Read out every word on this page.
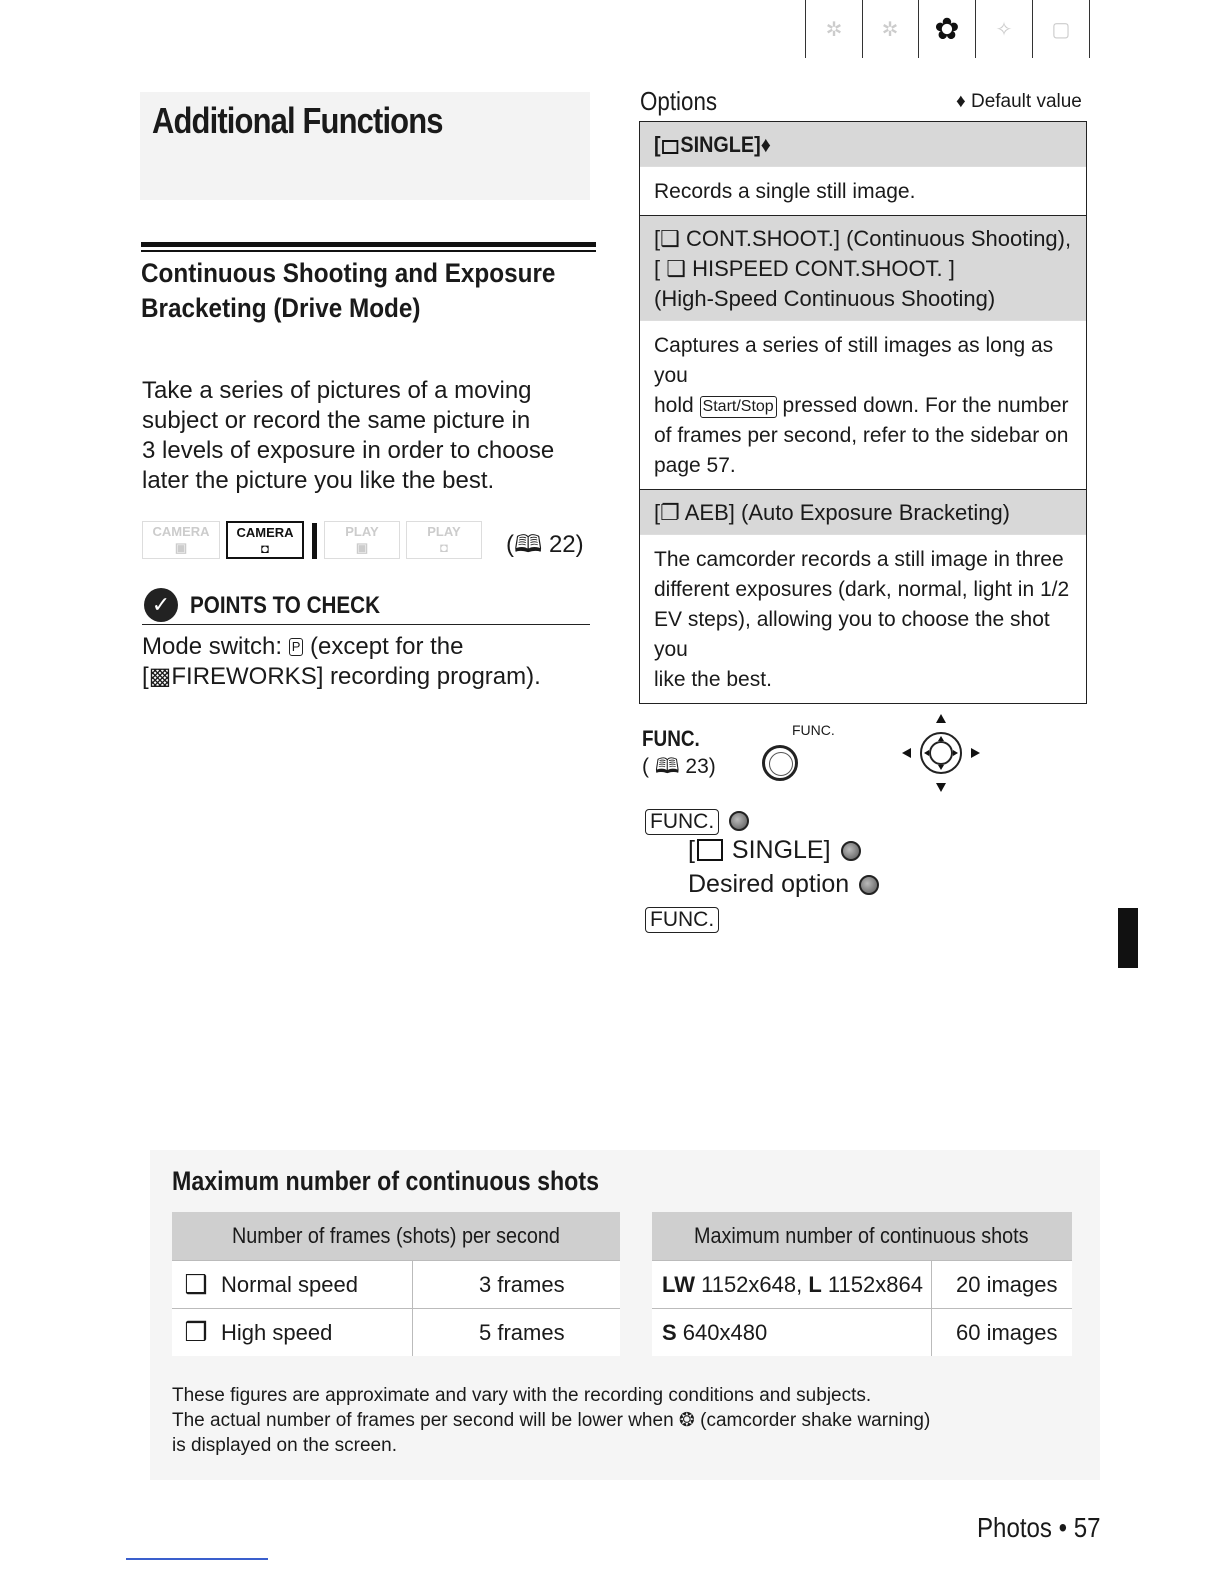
✲	✲	✿	✧	▢
Additional Functions
Continuous Shooting and Exposure
Bracketing (Drive Mode)
Take a series of pictures of a moving
subject or record the same picture in
3 levels of exposure in order to choose
later the picture you like the best.
CAMERA
▣
CAMERA
◘
PLAY
▣
PLAY
◘	(🕮 22)
✓ POINTS TO CHECK
Mode switch: P (except for the
[▩FIREWORKS] recording program).
Options	♦ Default value
[ SINGLE]♦
Records a single still image.
[❑ CONT.SHOOT.] (Continuous Shooting),
[ ❑ HISPEED CONT.SHOOT. ]
(High-Speed Continuous Shooting)
Captures a series of still images as long as you
hold Start/Stop pressed down. For the number
of frames per second, refer to the sidebar on
page 57.
[❐ AEB] (Auto Exposure Bracketing)
The camcorder records a still image in three
different exposures (dark, normal, light in 1/2
EV steps), allowing you to choose the shot you
like the best.
FUNC.
( 🕮 23)
FUNC.
FUNC.
[ SINGLE]
Desired option
FUNC.
Maximum number of continuous shots
Number of frames (shots) per second		
❑	Normal speed	3 frames
❒	High speed	5 frames
Maximum number of continuous shots	
LW 1152x648, L 1152x864	20 images
S 640x480	60 images
These figures are approximate and vary with the recording conditions and subjects.
The actual number of frames per second will be lower when ❂ (camcorder shake warning)
is displayed on the screen.
Photos • 57
